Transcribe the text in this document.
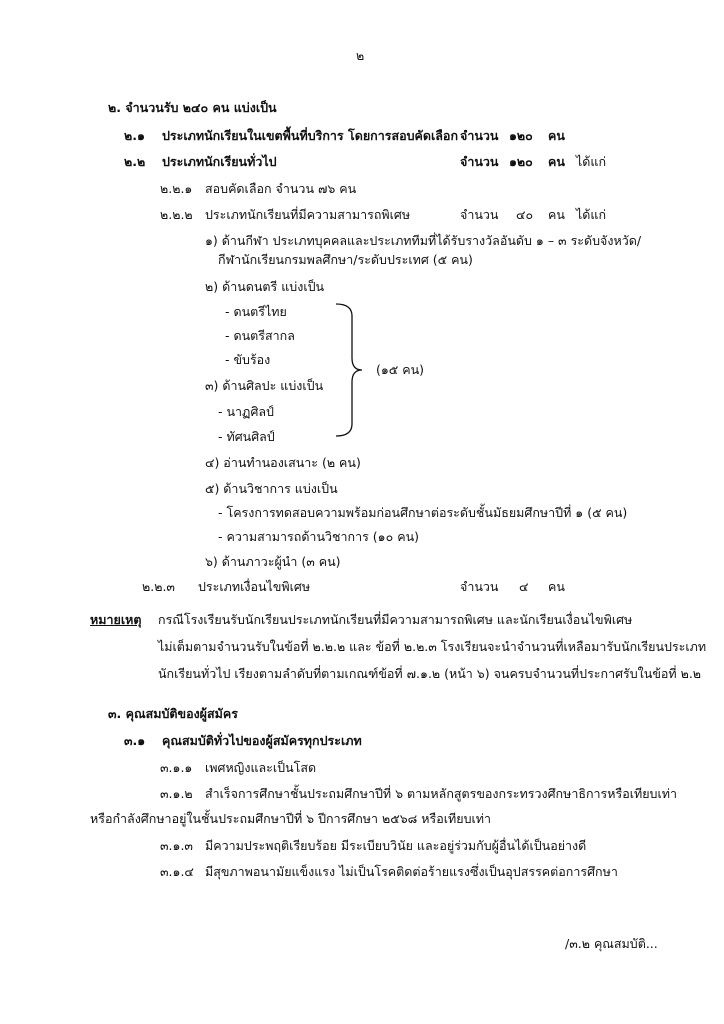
๒
๒. จำนวนรับ ๒๔๐ คน แบ่งเป็น
๒.๑ ประเภทนักเรียนในเขตพื้นที่บริการ โดยการสอบคัดเลือก จำนวน ๑๒๐ คน
๒.๒ ประเภทนักเรียนทั่วไป	จำนวน ๑๒๐ คน ได้แก่
๒.๒.๑ สอบคัดเลือก จำนวน ๗๖ คน
๒.๒.๒ ประเภทนักเรียนที่มีความสามารถพิเศษ	จำนวน ๔๐ คน ได้แก่
๑) ด้านกีฬา ประเภทบุคคลและประเภททีมที่ได้รับรางวัลอันดับ ๑ – ๓ ระดับจังหวัด/
กีฬานักเรียนกรมพลศึกษา/ระดับประเทศ (๕ คน)
๒) ด้านดนตรี แบ่งเป็น
- ดนตรีไทย
- ดนตรีสากล
- ขับร้อง
๓) ด้านศิลปะ แบ่งเป็น
- นาฏศิลป์
- ทัศนศิลป์
(๑๕ คน)
๔) อ่านทำนองเสนาะ (๒ คน)
๕) ด้านวิชาการ แบ่งเป็น
- โครงการทดสอบความพร้อมก่อนศึกษาต่อระดับชั้นมัธยมศึกษาปีที่ ๑ (๕ คน)
- ความสามารถด้านวิชาการ (๑๐ คน)
๖) ด้านภาวะผู้นำ (๓ คน)
๒.๒.๓ ประเภทเงื่อนไขพิเศษ	จำนวน ๔ คน
หมายเหตุ กรณีโรงเรียนรับนักเรียนประเภทนักเรียนที่มีความสามารถพิเศษ และนักเรียนเงื่อนไขพิเศษ
ไม่เต็มตามจำนวนรับในข้อที่ ๒.๒.๒ และ ข้อที่ ๒.๒.๓ โรงเรียนจะนำจำนวนที่เหลือมารับนักเรียนประเภท
นักเรียนทั่วไป เรียงตามลำดับที่ตามเกณฑ์ข้อที่ ๗.๑.๒ (หน้า ๖) จนครบจำนวนที่ประกาศรับในข้อที่ ๒.๒
๓. คุณสมบัติของผู้สมัคร
๓.๑ คุณสมบัติทั่วไปของผู้สมัครทุกประเภท
๓.๑.๑ เพศหญิงและเป็นโสด
๓.๑.๒ สำเร็จการศึกษาชั้นประถมศึกษาปีที่ ๖ ตามหลักสูตรของกระทรวงศึกษาธิการหรือเทียบเท่า
หรือกำลังศึกษาอยู่ในชั้นประถมศึกษาปีที่ ๖ ปีการศึกษา ๒๕๖๘ หรือเทียบเท่า
๓.๑.๓ มีความประพฤติเรียบร้อย มีระเบียบวินัย และอยู่ร่วมกับผู้อื่นได้เป็นอย่างดี
๓.๑.๔ มีสุขภาพอนามัยแข็งแรง ไม่เป็นโรคติดต่อร้ายแรงซึ่งเป็นอุปสรรคต่อการศึกษา
/๓.๒ คุณสมบัติ...
